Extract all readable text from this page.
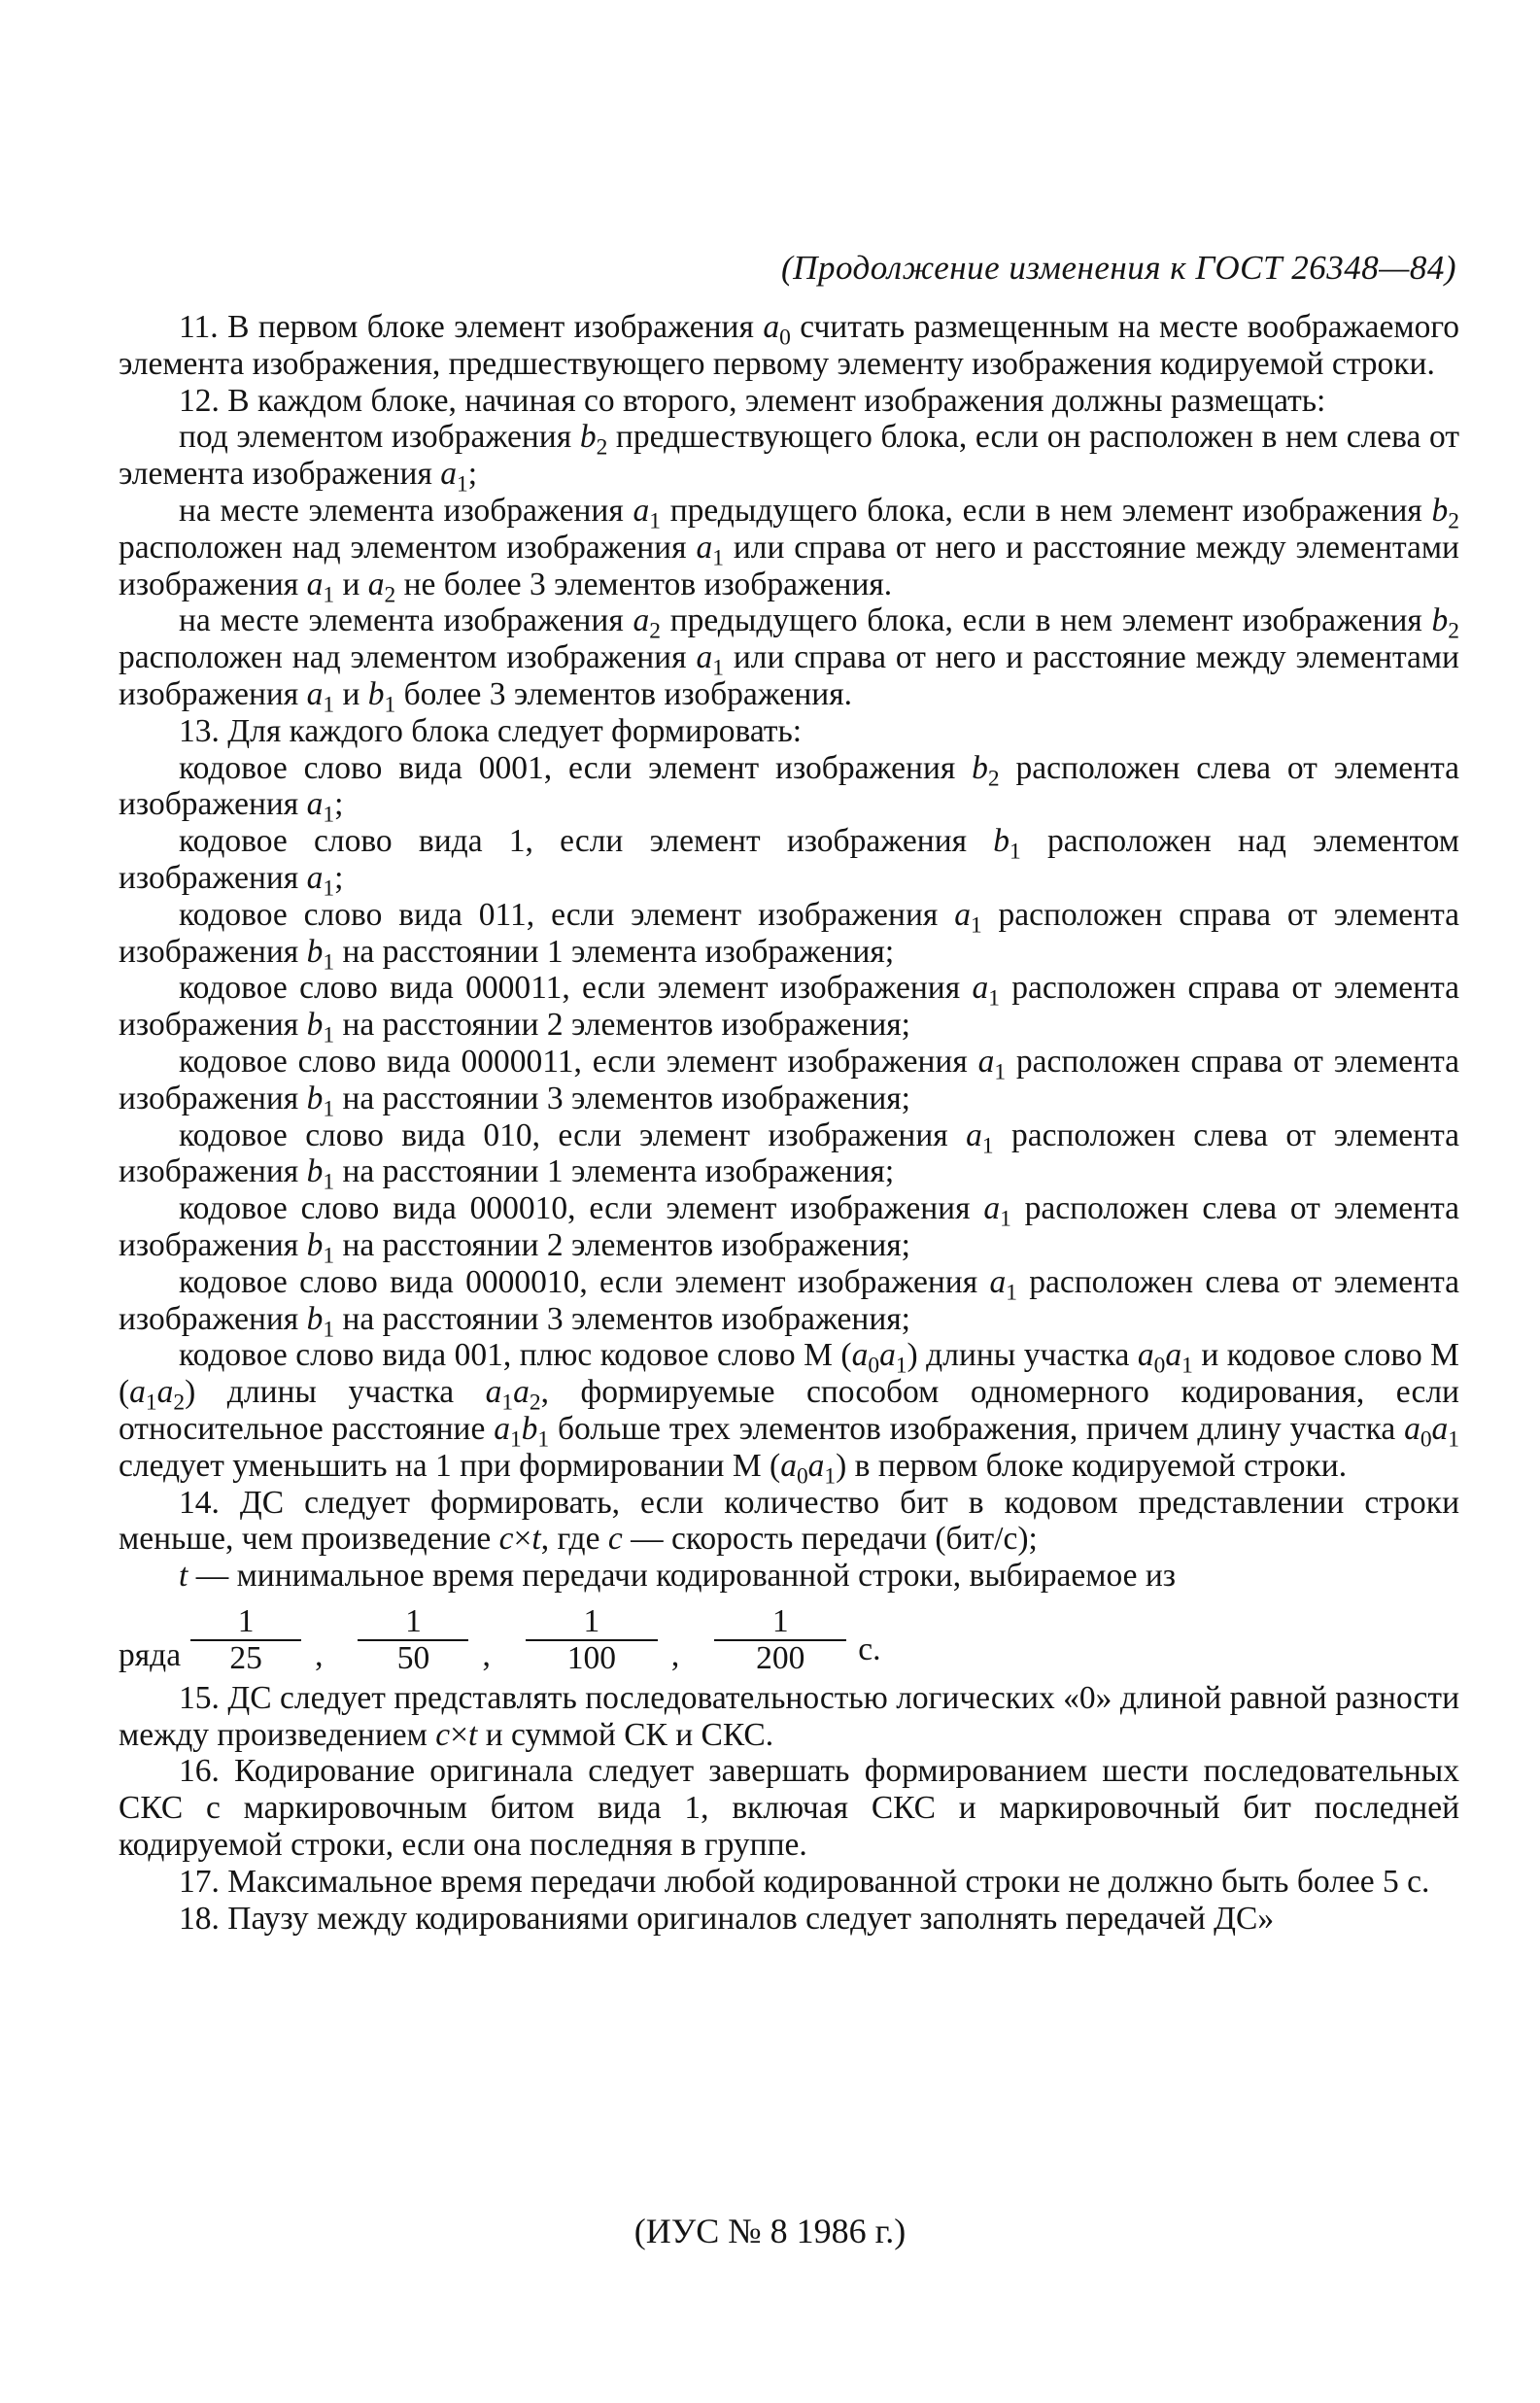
(Продолжение изменения к ГОСТ 26348—84)

11. В первом блоке элемент изображения $a_0$ считать размещенным на месте воображаемого элемента изображения, предшествующего первому элементу изображения кодируемой строки.

12. В каждом блоке, начиная со второго, элемент изображения должны размещать:

под элементом изображения $b_2$ предшествующего блока, если он расположен в нем слева от элемента изображения $a_1$;

на месте элемента изображения $a_1$ предыдущего блока, если в нем элемент изображения $b_2$ расположен над элементом изображения $a_1$ или справа от него и расстояние между элементами изображения $a_1$ и $a_2$ не более 3 элементов изображения.

на месте элемента изображения $a_2$ предыдущего блока, если в нем элемент изображения $b_2$ расположен над элементом изображения $a_1$ или справа от него и расстояние между элементами изображения $a_1$ и $b_1$ более 3 элементов изображения.

13. Для каждого блока следует формировать:

кодовое слово вида 0001, если элемент изображения $b_2$ расположен слева от элемента изображения $a_1$;

кодовое слово вида 1, если элемент изображения $b_1$ расположен над элементом изображения $a_1$;

кодовое слово вида 011, если элемент изображения $a_1$ расположен справа от элемента изображения $b_1$ на расстоянии 1 элемента изображения;

кодовое слово вида 000011, если элемент изображения $a_1$ расположен справа от элемента изображения $b_1$ на расстоянии 2 элементов изображения;

кодовое слово вида 0000011, если элемент изображения $a_1$ расположен справа от элемента изображения $b_1$ на расстоянии 3 элементов изображения;

кодовое слово вида 010, если элемент изображения $a_1$ расположен слева от элемента изображения $b_1$ на расстоянии 1 элемента изображения;

кодовое слово вида 000010, если элемент изображения $a_1$ расположен слева от элемента изображения $b_1$ на расстоянии 2 элементов изображения;

кодовое слово вида 0000010, если элемент изображения $a_1$ расположен слева от элемента изображения $b_1$ на расстоянии 3 элементов изображения;

кодовое слово вида 001, плюс кодовое слово М $(a_0a_1)$ длины участка $a_0a_1$ и кодовое слово М $(a_1a_2)$ длины участка $a_1a_2$, формируемые способом одномерного кодирования, если относительное расстояние $a_1b_1$ больше трех элементов изображения, причем длину участка $a_0a_1$ следует уменьшить на 1 при формировании М $(a_0a_1)$ в первом блоке кодируемой строки.

14. ДС следует формировать, если количество бит в кодовом представлении строки меньше, чем произведение c×t, где c — скорость передачи (бит/с);

t — минимальное время передачи кодированной строки, выбираемое из

ряда $\frac{1}{25}$ , $\frac{1}{50}$ , $\frac{1}{100}$ , $\frac{1}{200} с$.

15. ДС следует представлять последовательностью логических «0» длиной равной разности между произведением c×t и суммой СК и СКС.

16. Кодирование оригинала следует завершать формированием шести последовательных СКС с маркировочным битом вида 1, включая СКС и маркировочный бит последней кодируемой строки, если она последняя в группе.

17. Максимальное время передачи любой кодированной строки не должно быть более 5 с.

18. Паузу между кодированиями оригиналов следует заполнять передачей ДС»

(ИУС № 8 1986 г.)
